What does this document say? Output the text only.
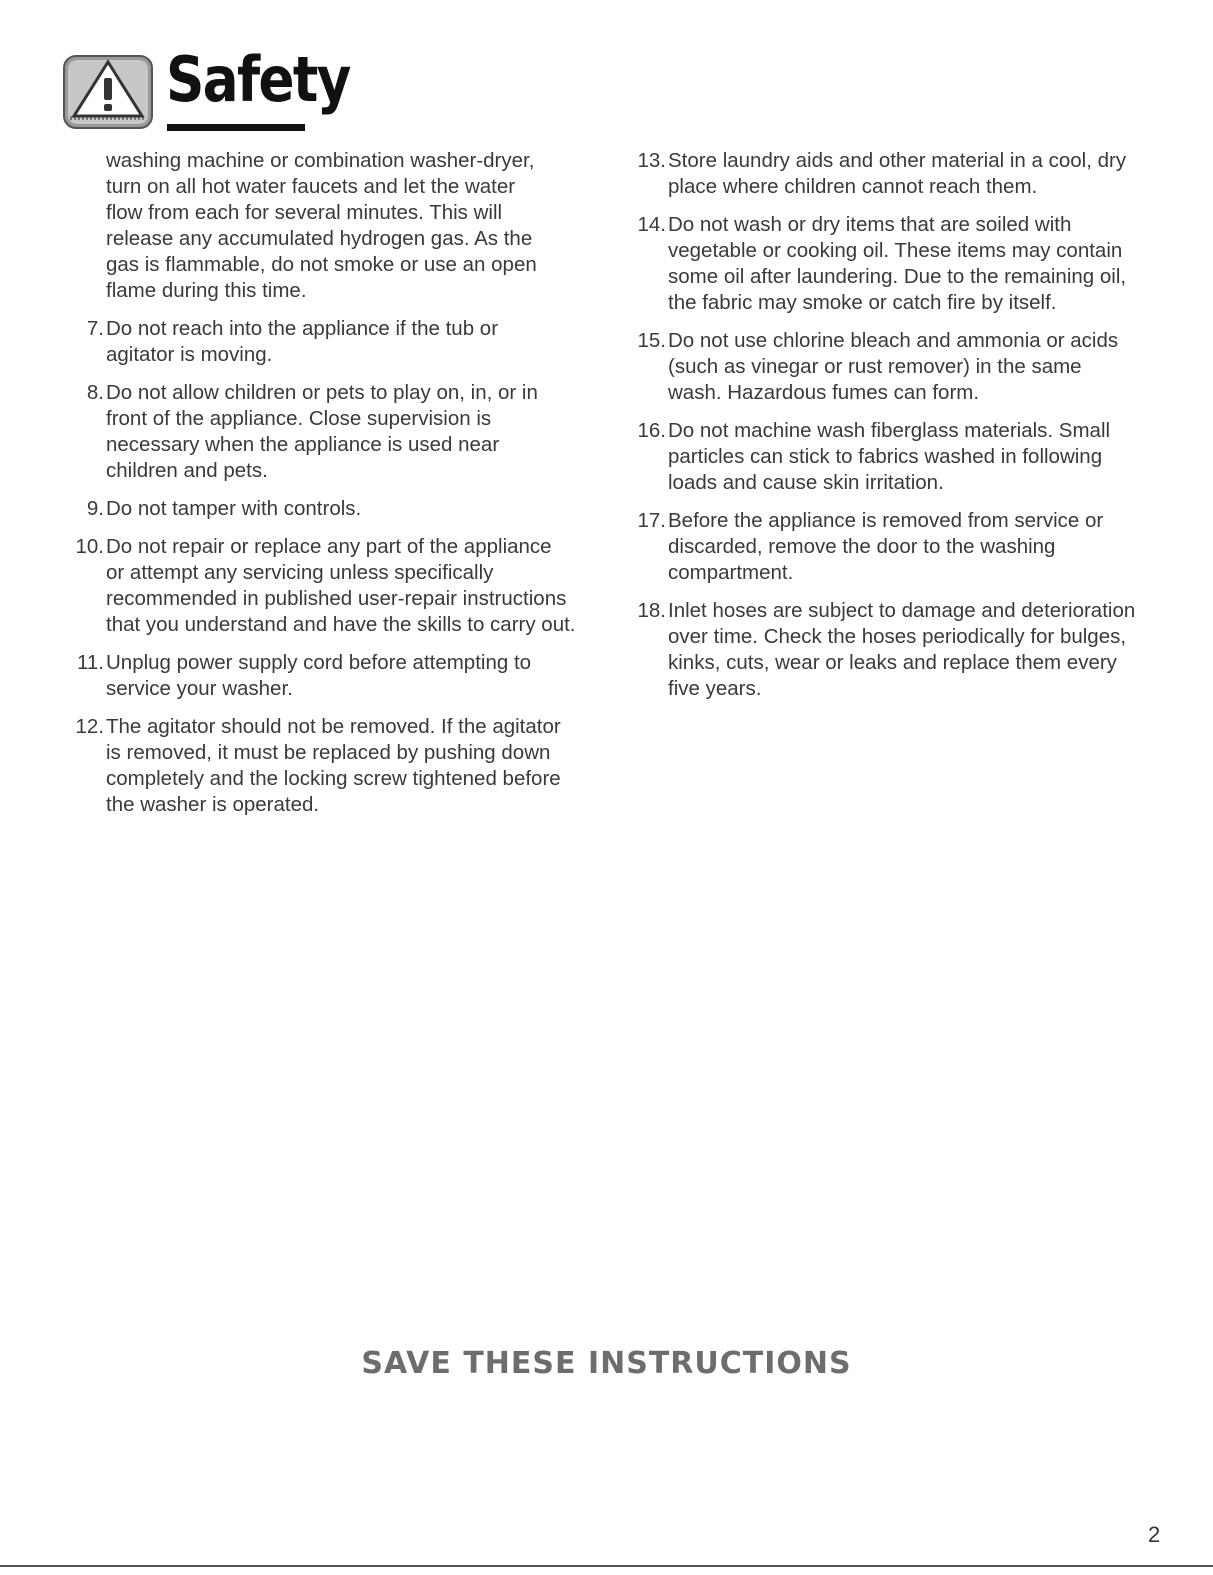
Safety
washing machine or combination washer-dryer,
turn on all hot water faucets and let the water
flow from each for several minutes. This will
release any accumulated hydrogen gas. As the
gas is flammable, do not smoke or use an open
flame during this time.
7. Do not reach into the appliance if the tub or
agitator is moving.
8. Do not allow children or pets to play on, in, or in
front of the appliance. Close supervision is
necessary when the appliance is used near
children and pets.
9. Do not tamper with controls.
10. Do not repair or replace any part of the appliance
or attempt any servicing unless specifically
recommended in published user-repair instructions
that you understand and have the skills to carry out.
11. Unplug power supply cord before attempting to
service your washer.
12. The agitator should not be removed. If the agitator
is removed, it must be replaced by pushing down
completely and the locking screw tightened before
the washer is operated.
13. Store laundry aids and other material in a cool, dry
place where children cannot reach them.
14. Do not wash or dry items that are soiled with
vegetable or cooking oil. These items may contain
some oil after laundering. Due to the remaining oil,
the fabric may smoke or catch fire by itself.
15. Do not use chlorine bleach and ammonia or acids
(such as vinegar or rust remover) in the same
wash. Hazardous fumes can form.
16. Do not machine wash fiberglass materials. Small
particles can stick to fabrics washed in following
loads and cause skin irritation.
17. Before the appliance is removed from service or
discarded, remove the door to the washing
compartment.
18. Inlet hoses are subject to damage and deterioration
over time. Check the hoses periodically for bulges,
kinks, cuts, wear or leaks and replace them every
five years.
SAVE THESE INSTRUCTIONS
2
